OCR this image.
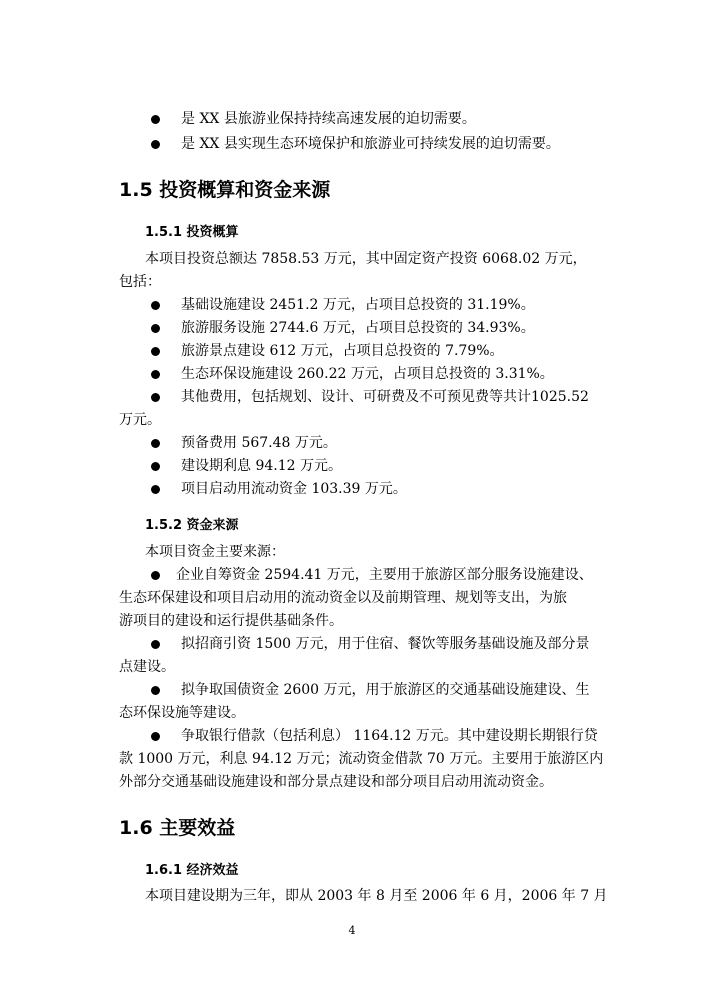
是 XX 县旅游业保持持续高速发展的迫切需要。
是 XX 县实现生态环境保护和旅游业可持续发展的迫切需要。
1.5 投资概算和资金来源
1.5.1 投资概算
本项目投资总额达 7858.53 万元，其中固定资产投资 6068.02 万元，
包括：
基础设施建设 2451.2 万元，占项目总投资的 31.19%。
旅游服务设施 2744.6 万元，占项目总投资的 34.93%。
旅游景点建设 612 万元，占项目总投资的 7.79%。
生态环保设施建设 260.22 万元，占项目总投资的 3.31%。
其他费用，包括规划、设计、可研费及不可预见费等共计1025.52
万元。
预备费用 567.48 万元。
建设期利息 94.12 万元。
项目启动用流动资金 103.39 万元。
1.5.2 资金来源
本项目资金主要来源：
企业自筹资金 2594.41 万元，主要用于旅游区部分服务设施建设、
生态环保建设和项目启动用的流动资金以及前期管理、规划等支出，为旅
游项目的建设和运行提供基础条件。
拟招商引资 1500 万元，用于住宿、餐饮等服务基础设施及部分景
点建设。
拟争取国债资金 2600 万元，用于旅游区的交通基础设施建设、生
态环保设施等建设。
争取银行借款（包括利息） 1164.12 万元。其中建设期长期银行贷
款 1000 万元，利息 94.12 万元；流动资金借款 70 万元。主要用于旅游区内
外部分交通基础设施建设和部分景点建设和部分项目启动用流动资金。
1.6 主要效益
1.6.1 经济效益
本项目建设期为三年，即从 2003 年 8 月至 2006 年 6 月，2006 年 7 月
4
